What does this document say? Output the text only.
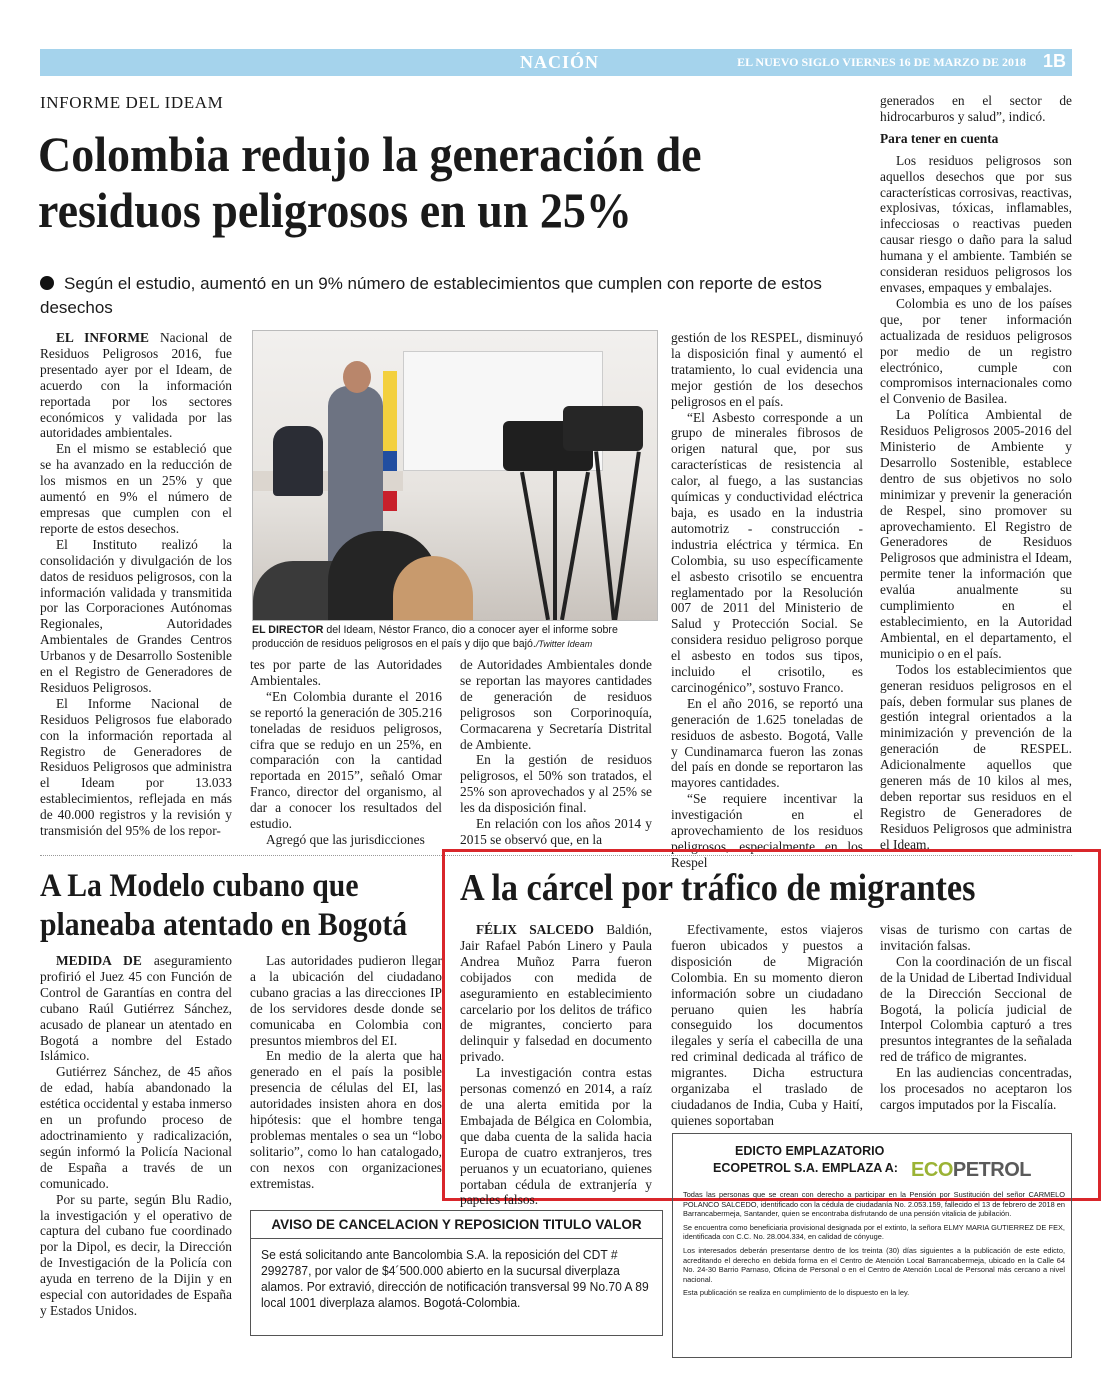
NACIÓN	EL NUEVO SIGLO VIERNES 16 DE MARZO DE 2018 1B
INFORME DEL IDEAM
Colombia redujo la generación de residuos peligrosos en un 25%
Según el estudio, aumentó en un 9% número de establecimientos que cumplen con reporte de estos desechos

EL INFORME Nacional de Residuos Peligrosos 2016, fue presentado ayer por el Ideam, de acuerdo con la información reportada por los sectores económicos y validada por las autoridades ambientales.

En el mismo se estableció que se ha avanzado en la reducción de los mismos en un 25% y que aumentó en 9% el número de empresas que cumplen con el reporte de estos desechos.

El Instituto realizó la consolidación y divulgación de los datos de residuos peligrosos, con la información validada y transmitida por las Corporaciones Autónomas Regionales, Autoridades Ambientales de Grandes Centros Urbanos y de Desarrollo Sostenible en el Registro de Generadores de Residuos Peligrosos.

El Informe Nacional de Residuos Peligrosos fue elaborado con la información reportada al Registro de Generadores de Residuos Peligrosos que administra el Ideam por 13.033 establecimientos, reflejada en más de 40.000 registros y la revisión y transmisión del 95% de los repor-

EL DIRECTOR del Ideam, Néstor Franco, dio a conocer ayer el informe sobre producción de residuos peligrosos en el país y dijo que bajó./Twitter Ideam

tes por parte de las Autoridades Ambientales.

“En Colombia durante el 2016 se reportó la generación de 305.216 toneladas de residuos peligrosos, cifra que se redujo en un 25%, en comparación con la cantidad reportada en 2015”, señaló Omar Franco, director del organismo, al dar a conocer los resultados del estudio.

Agregó que las jurisdicciones

de Autoridades Ambientales donde se reportan las mayores cantidades de generación de residuos peligrosos son Corporinoquía, Cormacarena y Secretaría Distrital de Ambiente.

En la gestión de residuos peligrosos, el 50% son tratados, el 25% son aprovechados y al 25% se les da disposición final.

En relación con los años 2014 y 2015 se observó que, en la

gestión de los RESPEL, disminuyó la disposición final y aumentó el tratamiento, lo cual evidencia una mejor gestión de los desechos peligrosos en el país.

“El Asbesto corresponde a un grupo de minerales fibrosos de origen natural que, por sus características de resistencia al calor, al fuego, a las sustancias químicas y conductividad eléctrica baja, es usado en la industria automotriz - construcción - industria eléctrica y térmica. En Colombia, su uso específicamente el asbesto crisotilo se encuentra reglamentado por la Resolución 007 de 2011 del Ministerio de Salud y Protección Social. Se considera residuo peligroso porque el asbesto en todos sus tipos, incluido el crisotilo, es carcinogénico”, sostuvo Franco.

En el año 2016, se reportó una generación de 1.625 toneladas de residuos de asbesto. Bogotá, Valle y Cundinamarca fueron las zonas del país en donde se reportaron las mayores cantidades.

“Se requiere incentivar la investigación en el aprovechamiento de los residuos peligrosos, especialmente en los Respel

generados en el sector de hidrocarburos y salud”, indicó.

Para tener en cuenta

Los residuos peligrosos son aquellos desechos que por sus características corrosivas, reactivas, explosivas, tóxicas, inflamables, infecciosas o reactivas pueden causar riesgo o daño para la salud humana y el ambiente. También se consideran residuos peligrosos los envases, empaques y embalajes.

Colombia es uno de los países que, por tener información actualizada de residuos peligrosos por medio de un registro electrónico, cumple con compromisos internacionales como el Convenio de Basilea.

La Política Ambiental de Residuos Peligrosos 2005-2016 del Ministerio de Ambiente y Desarrollo Sostenible, establece dentro de sus objetivos no solo minimizar y prevenir la generación de Respel, sino promover su aprovechamiento. El Registro de Generadores de Residuos Peligrosos que administra el Ideam, permite tener la información que evalúa anualmente su cumplimiento en el establecimiento, en la Autoridad Ambiental, en el departamento, el municipio o en el país.

Todos los establecimientos que generan residuos peligrosos en el país, deben formular sus planes de gestión integral orientados a la minimización y prevención de la generación de RESPEL. Adicionalmente aquellos que generen más de 10 kilos al mes, deben reportar sus residuos en el Registro de Generadores de Residuos Peligrosos que administra el Ideam.

A La Modelo cubano que planeaba atentado en Bogotá

MEDIDA DE aseguramiento profirió el Juez 45 con Función de Control de Garantías en contra del cubano Raúl Gutiérrez Sánchez, acusado de planear un atentado en Bogotá a nombre del Estado Islámico.

Gutiérrez Sánchez, de 45 años de edad, había abandonado la estética occidental y estaba inmerso en un profundo proceso de adoctrinamiento y radicalización, según informó la Policía Nacional de España a través de un comunicado.

Por su parte, según Blu Radio, la investigación y el operativo de captura del cubano fue coordinado por la Dipol, es decir, la Dirección de Investigación de la Policía con ayuda en terreno de la Dijin y en especial con autoridades de España y Estados Unidos.

Las autoridades pudieron llegar a la ubicación del ciudadano cubano gracias a las direcciones IP de los servidores desde donde se comunicaba en Colombia con presuntos miembros del EI.

En medio de la alerta que ha generado en el país la posible presencia de células del EI, las autoridades insisten ahora en dos hipótesis: que el hombre tenga problemas mentales o sea un “lobo solitario”, como lo han catalogado, con nexos con organizaciones extremistas.

A la cárcel por tráfico de migrantes

FÉLIX SALCEDO Baldión, Jair Rafael Pabón Linero y Paula Andrea Muñoz Parra fueron cobijados con medida de aseguramiento en establecimiento carcelario por los delitos de tráfico de migrantes, concierto para delinquir y falsedad en documento privado.

La investigación contra estas personas comenzó en 2014, a raíz de una alerta emitida por la Embajada de Bélgica en Colombia, que daba cuenta de la salida hacia Europa de cuatro extranjeros, tres peruanos y un ecuatoriano, quienes portaban cédula de extranjería y papeles falsos.

Efectivamente, estos viajeros fueron ubicados y puestos a disposición de Migración Colombia. En su momento dieron información sobre un ciudadano peruano quien les habría conseguido los documentos ilegales y sería el cabecilla de una red criminal dedicada al tráfico de migrantes. Dicha estructura organizaba el traslado de ciudadanos de India, Cuba y Haití, quienes soportaban

visas de turismo con cartas de invitación falsas.

Con la coordinación de un fiscal de la Unidad de Libertad Individual de la Dirección Seccional de Bogotá, la policía judicial de Interpol Colombia capturó a tres presuntos integrantes de la señalada red de tráfico de migrantes.

En las audiencias concentradas, los procesados no aceptaron los cargos imputados por la Fiscalía.

AVISO DE CANCELACION Y REPOSICION TITULO VALOR
Se está solicitando ante Bancolombia S.A. la reposición del CDT # 2992787, por valor de $4´500.000 abierto en la sucursal diverplaza alamos. Por extravió, dirección de notificación transversal 99 No.70 A 89 local 1001 diverplaza alamos. Bogotá-Colombia.
EDICTO EMPLAZATORIO
ECOPETROL S.A. EMPLAZA A: ECOPETROL

Todas las personas que se crean con derecho a participar en la Pensión por Sustitución del señor CARMELO POLANCO SALCEDO, identificado con la cédula de ciudadanía No. 2.053.159, fallecido el 13 de febrero de 2018 en Barrancabermeja, Santander, quien se encontraba disfrutando de una pensión vitalicia de jubilación.

Se encuentra como beneficiaria provisional designada por el extinto, la señora ELMY MARIA GUTIERREZ DE FEX, identificada con C.C. No. 28.004.334, en calidad de cónyuge.

Los interesados deberán presentarse dentro de los treinta (30) días siguientes a la publicación de este edicto, acreditando el derecho en debida forma en el Centro de Atención Local Barrancabermeja, ubicado en la Calle 64 No. 24-30 Barrio Parnaso, Oficina de Personal o en el Centro de Atención Local de Personal más cercano a nivel nacional.

Esta publicación se realiza en cumplimiento de lo dispuesto en la ley.
